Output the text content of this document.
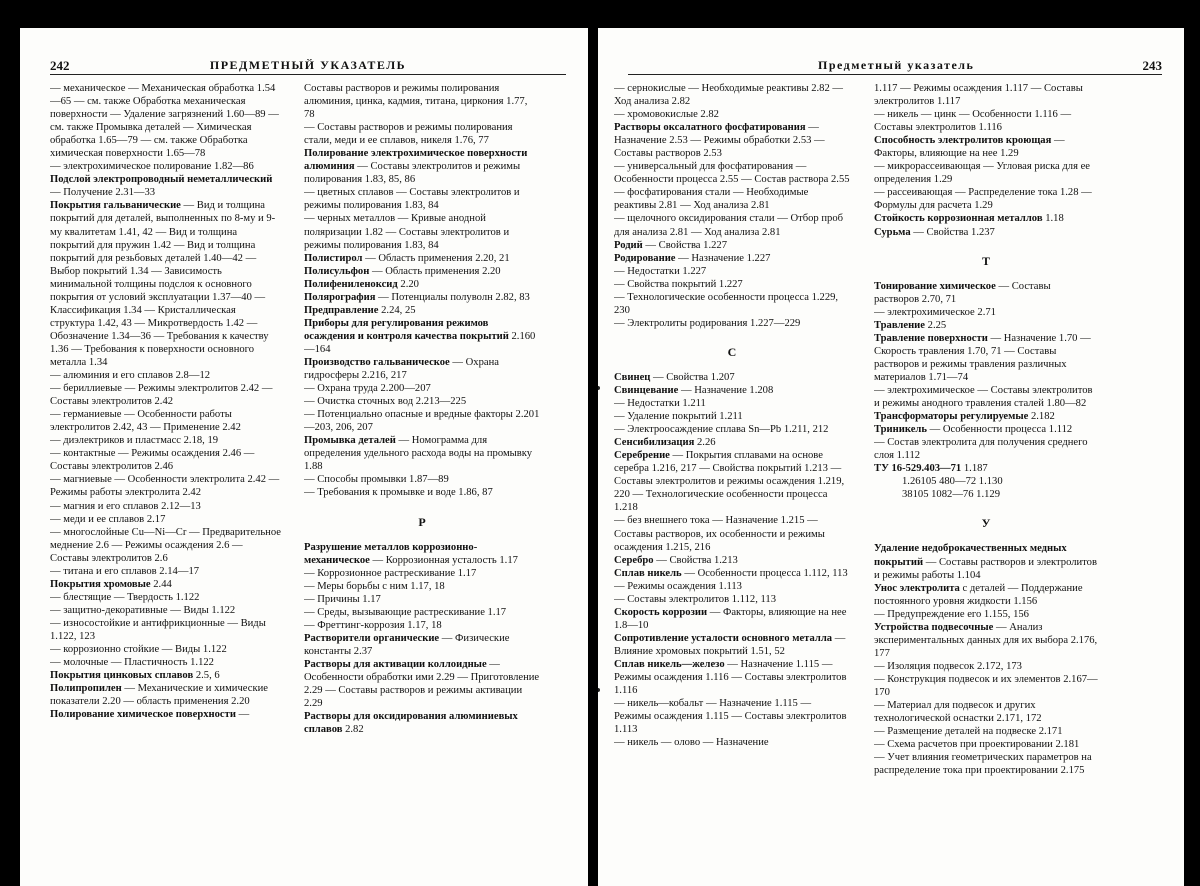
242	ПРЕДМЕТНЫЙ УКАЗАТЕЛЬ
— механическое — Механическая обработка 1.54—65 — см. также Обработка механическая поверхности — Удаление загрязнений 1.60—89 — см. также Промывка деталей — Химическая обработка 1.65—79 — см. также Обработка химическая поверхности 1.65—78
— электрохимическое полирование 1.82—86
Подслой электропроводный неметаллический — Получение 2.31—33
Покрытия гальванические — Вид и толщина покрытий для деталей, выполненных по 8-му и 9-му квалитетам 1.41, 42 — Вид и толщина покрытий для пружин 1.42 — Вид и толщина покрытий для резьбовых деталей 1.40—42 — Выбор покрытий 1.34 — Зависимость минимальной толщины подслоя к основного покрытия от условий эксплуатации 1.37—40 — Классификация 1.34 — Кристаллическая структура 1.42, 43 — Микротвердость 1.42 — Обозначение 1.34—36 — Требования к качеству 1.36 — Требования к поверхности основного металла 1.34
— алюминия и его сплавов 2.8—12
— бериллиевые — Режимы электролитов 2.42 — Составы электролитов 2.42
— германиевые — Особенности работы электролитов 2.42, 43 — Применение 2.42
— диэлектриков и пластмасс 2.18, 19
— контактные — Режимы осаждения 2.46 — Составы электролитов 2.46
— магниевые — Особенности электролита 2.42 — Режимы работы электролита 2.42
— магния и его сплавов 2.12—13
— меди и ее сплавов 2.17
— многослойные Cu—Ni—Cr — Предварительное меднение 2.6 — Режимы осаждения 2.6 — Составы электролитов 2.6
— титана и его сплавов 2.14—17
Покрытия хромовые 2.44
— блестящие — Твердость 1.122
— защитно-декоративные — Виды 1.122
— износостойкие и антифрикционные — Виды 1.122, 123
— коррозионно стойкие — Виды 1.122
— молочные — Пластичность 1.122
Покрытия цинковых сплавов 2.5, 6
Полипропилен — Механические и химические показатели 2.20 — область применения 2.20
Полирование химическое поверхности —
Составы растворов и режимы полирования алюминия, цинка, кадмия, титана, циркония 1.77, 78
— Составы растворов и режимы полирования стали, меди и ее сплавов, никеля 1.76, 77
Полирование электрохимическое поверхности алюминия — Составы электролитов и режимы полирования 1.83, 85, 86
— цветных сплавов — Составы электролитов и режимы полирования 1.83, 84
— черных металлов — Кривые анодной поляризации 1.82 — Составы электролитов и режимы полирования 1.83, 84
Полистирол — Область применения 2.20, 21
Полисульфон — Область применения 2.20
Полифениленоксид 2.20
Полярография — Потенциалы полуволн 2.82, 83
Предправление 2.24, 25
Приборы для регулирования режимов осаждения и контроля качества покрытий 2.160—164
Производство гальваническое — Охрана гидросферы 2.216, 217
— Охрана труда 2.200—207
— Очистка сточных вод 2.213—225
— Потенциально опасные и вредные факторы 2.201—203, 206, 207
Промывка деталей — Номограмма для определения удельного расхода воды на промывку 1.88
— Способы промывки 1.87—89
— Требования к промывке и воде 1.86, 87
Р
Разрушение металлов коррозионно-механическое — Коррозионная усталость 1.17
— Коррозионное растрескивание 1.17
— Меры борьбы с ним 1.17, 18
— Причины 1.17
— Среды, вызывающие растрескивание 1.17
— Фреттинг-коррозия 1.17, 18
Растворители органические — Физические константы 2.37
Растворы для активации коллоидные — Особенности обработки ими 2.29 — Приготовление 2.29 — Составы растворов и режимы активации 2.29
Растворы для оксидирования алюминиевых сплавов 2.82
Предметный указатель	243
— сернокислые — Необходимые реактивы 2.82 — Ход анализа 2.82
— хромовокислые 2.82
Растворы оксалатного фосфатирования — Назначение 2.53 — Режимы обработки 2.53 — Составы растворов 2.53
— универсальный для фосфатирования — Особенности процесса 2.55 — Состав раствора 2.55
— фосфатирования стали — Необходимые реактивы 2.81 — Ход анализа 2.81
— щелочного оксидирования стали — Отбор проб для анализа 2.81 — Ход анализа 2.81
Родий — Свойства 1.227
Родирование — Назначение 1.227
— Недостатки 1.227
— Свойства покрытий 1.227
— Технологические особенности процесса 1.229, 230
— Электролиты родирования 1.227—229
С
Свинец — Свойства 1.207
Свинцевание — Назначение 1.208
— Недостатки 1.211
— Удаление покрытий 1.211
— Электроосаждение сплава Sn—Pb 1.211, 212
Сенсибилизация 2.26
Серебрение — Покрытия сплавами на основе серебра 1.216, 217 — Свойства покрытий 1.213 — Составы электролитов и режимы осаждения 1.219, 220 — Технологические особенности процесса 1.218
— без внешнего тока — Назначение 1.215 — Составы растворов, их особенности и режимы осаждения 1.215, 216
Серебро — Свойства 1.213
Сплав никель — Особенности процесса 1.112, 113
— Режимы осаждения 1.113
— Составы электролитов 1.112, 113
Скорость коррозии — Факторы, влияющие на нее 1.8—10
Сопротивление усталости основного металла — Влияние хромовых покрытий 1.51, 52
Сплав никель—железо — Назначение 1.115 — Режимы осаждения 1.116 — Составы электролитов 1.116
— никель—кобальт — Назначение 1.115 — Режимы осаждения 1.115 — Составы электролитов 1.113
— никель — олово — Назначение
1.117 — Режимы осаждения 1.117 — Составы электролитов 1.117
— никель — цинк — Особенности 1.116 — Составы электролитов 1.116
Способность электролитов кроющая — Факторы, влияющие на нее 1.29
— микрорассеивающая — Угловая риска для ее определения 1.29
— рассеивающая — Распределение тока 1.28 — Формулы для расчета 1.29
Стойкость коррозионная металлов 1.18
Сурьма — Свойства 1.237
Т
Тонирование химическое — Составы растворов 2.70, 71
— электрохимическое 2.71
Травление 2.25
Травление поверхности — Назначение 1.70 — Скорость травления 1.70, 71 — Составы растворов и режимы травления различных материалов 1.71—74
— электрохимическое — Составы электролитов и режимы анодного травления сталей 1.80—82
Трансформаторы регулируемые 2.182
Триникель — Особенности процесса 1.112
— Состав электролита для получения среднего слоя 1.112
ТУ 16-529.403—71 1.187
1.26105 480—72 1.130
38105 1082—76 1.129
У
Удаление недоброкачественных медных покрытий — Составы растворов и электролитов и режимы работы 1.104
Унос электролита с деталей — Поддержание постоянного уровня жидкости 1.156
— Предупреждение его 1.155, 156
Устройства подвесочные — Анализ экспериментальных данных для их выбора 2.176, 177
— Изоляция подвесок 2.172, 173
— Конструкция подвесок и их элементов 2.167—170
— Материал для подвесок и других технологической оснастки 2.171, 172
— Размещение деталей на подвеске 2.171
— Схема расчетов при проектировании 2.181
— Учет влияния геометрических параметров на распределение тока при проектировании 2.175
